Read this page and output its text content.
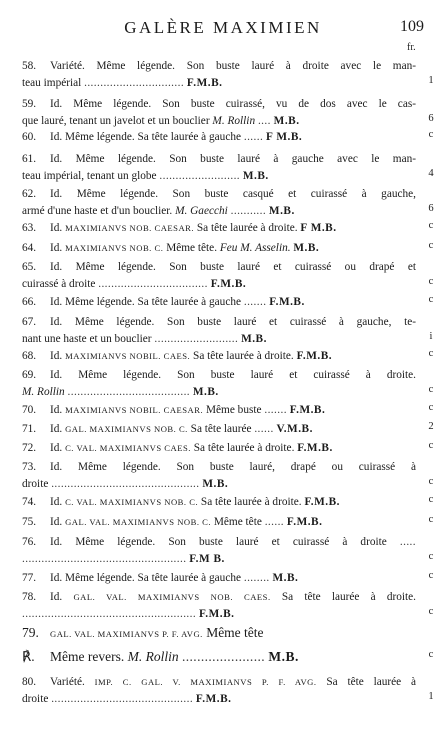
GALÈRE MAXIMIEN	109
fr.
58. Variété. Même légende. Son buste lauré à droite avec le man-
teau impérial ............................... F.M.B.
59. Id. Même légende. Son buste cuirassé, vu de dos avec le cas-
que lauré, tenant un javelot et un bouclier M. Rollin .... M.B.
60. Id. Même légende. Sa tête laurée à gauche ...... F M.B.
61. Id. Même légende. Son buste lauré à gauche avec le man-
teau impérial, tenant un globe ......................... M.B.
62. Id. Même légende. Son buste casqué et cuirassé à gauche,
armé d'une haste et d'un bouclier. M. Gaecchi ........... M.B.
63. Id. MAXIMIANVS NOB. CAESAR. Sa tête laurée à droite. F M.B.
64. Id. MAXIMIANVS NOB. C. Même tête. Feu M. Asselin. M.B.
65. Id. Même légende. Son buste lauré et cuirassé ou drapé et
cuirassé à droite .................................. F.M.B.
66. Id. Même légende. Sa tête laurée à gauche ....... F.M.B.
67. Id. Même légende. Son buste lauré et cuirassé à gauche, te-
nant une haste et un bouclier .......................... M.B.
68. Id. MAXIMIANVS NOBIL. CAES. Sa tête laurée à droite. F.M.B.
69. Id. Même légende. Son buste lauré et cuirassé à droite.
M. Rollin ...................................... M.B.
70. Id. MAXIMIANVS NOBIL. CAESAR. Même buste ....... F.M.B.
71. Id. GAL. MAXIMIANVS NOB. C. Sa tête laurée ...... V.M.B.
72. Id. C. VAL. MAXIMIANVS CAES. Sa tête laurée à droite. F.M.B.
73. Id. Même légende. Son buste lauré, drapé ou cuirassé à
droite .............................................. M.B.
74. Id. C. VAL. MAXIMIANVS NOB. C. Sa tête laurée à droite. F.M.B.
75. Id. GAL. VAL. MAXIMIANVS NOB. C. Même tête ...... F.M.B.
76. Id. Même légende. Son buste lauré et cuirassé à droite .....
................................................... F.M B.
77. Id. Même légende. Sa tête laurée à gauche ........ M.B.
78. Id. GAL. VAL. MAXIMIANVS NOB. CAES. Sa tête laurée à droite.
...................................................... F.M.B.
79. GAL. VAL. MAXIMIANVS P. F. AVG. Même tête
℟. Même revers. M. Rollin ...................... M.B.
80. Variété. IMP. C. GAL. V. MAXIMIANVS P. F. AVG. Sa tête laurée à
droite ............................................ F.M.B.
1
6
c
4
6
c
c
c
c
i
c
c
c
2
c
c
c
c
c
c
c
c
1
